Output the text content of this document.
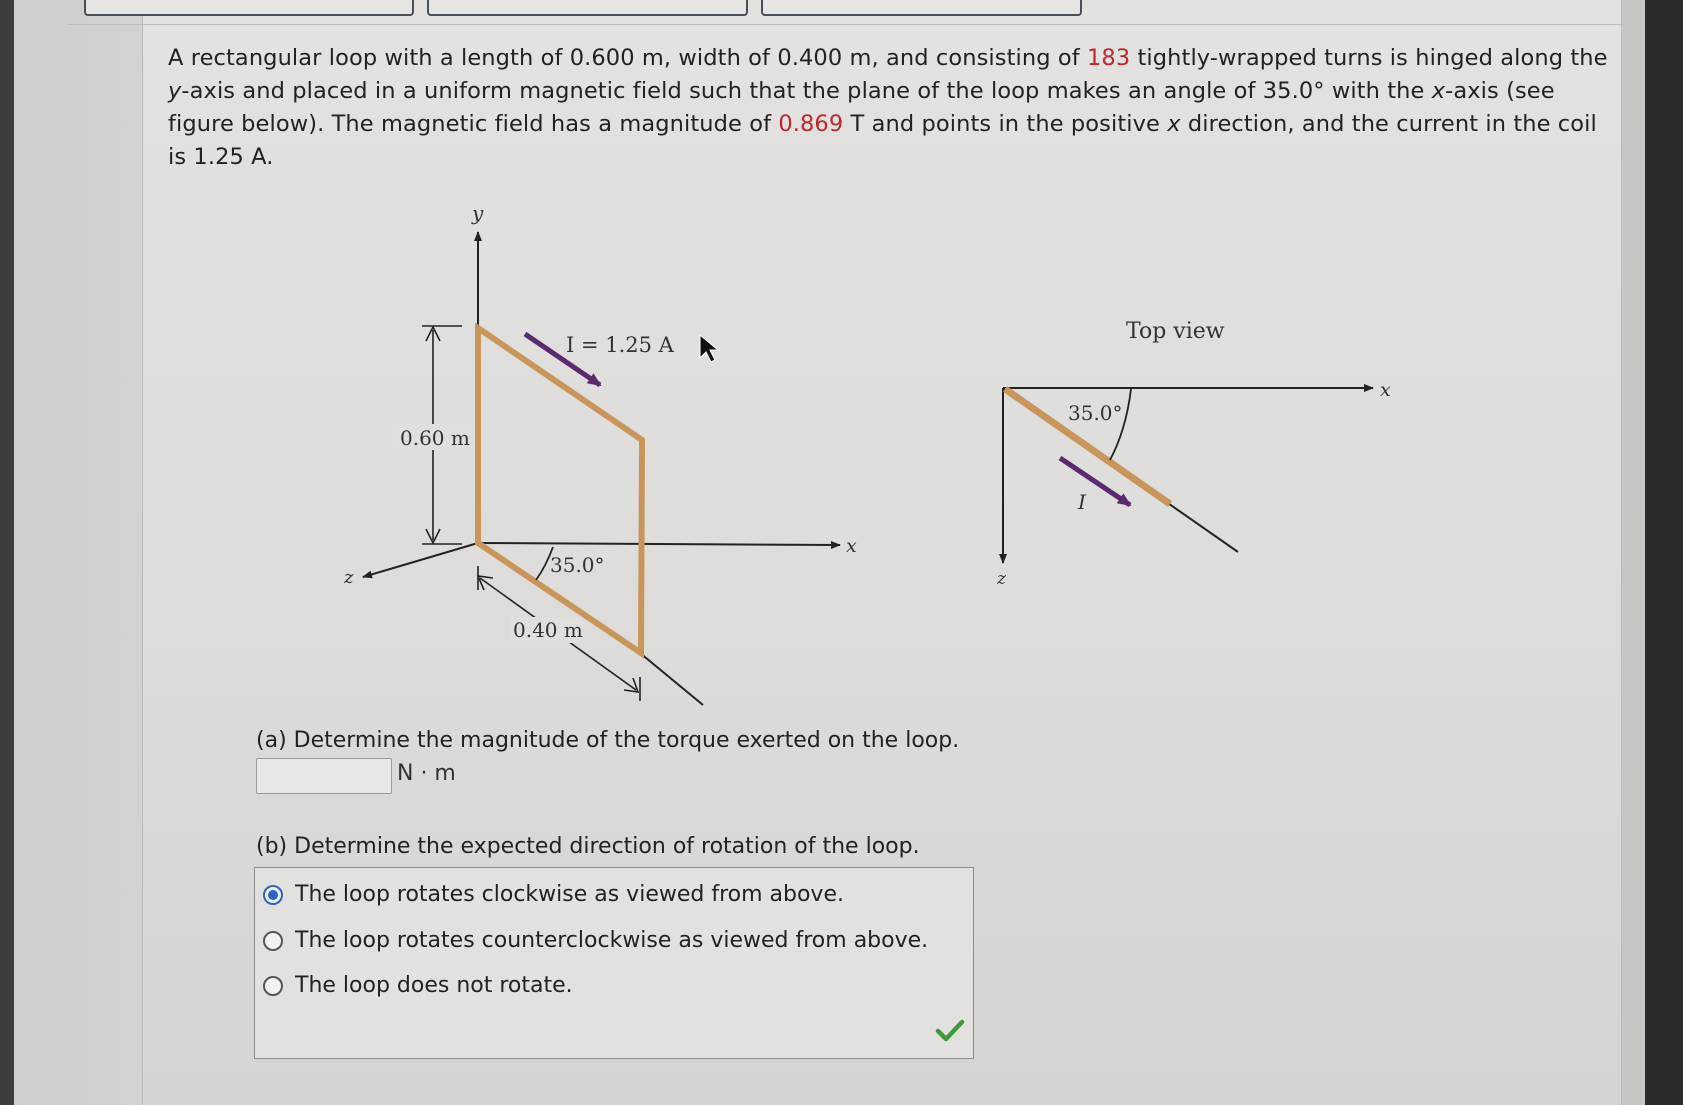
A rectangular loop with a length of 0.600 m, width of 0.400 m, and consisting of 183 tightly-wrapped turns is hinged along the y-axis and placed in a uniform magnetic field such that the plane of the loop makes an angle of 35.0° with the x-axis (see figure below). The magnetic field has a magnitude of 0.869 T and points in the positive x direction, and the current in the coil is 1.25 A.
y
x
z
0.60 m
0.40 m
35.0°
I = 1.25 A
Top view
x
z
35.0°
I
(a) Determine the magnitude of the torque exerted on the loop.
N · m
(b) Determine the expected direction of rotation of the loop.
The loop rotates clockwise as viewed from above.
The loop rotates counterclockwise as viewed from above.
The loop does not rotate.
